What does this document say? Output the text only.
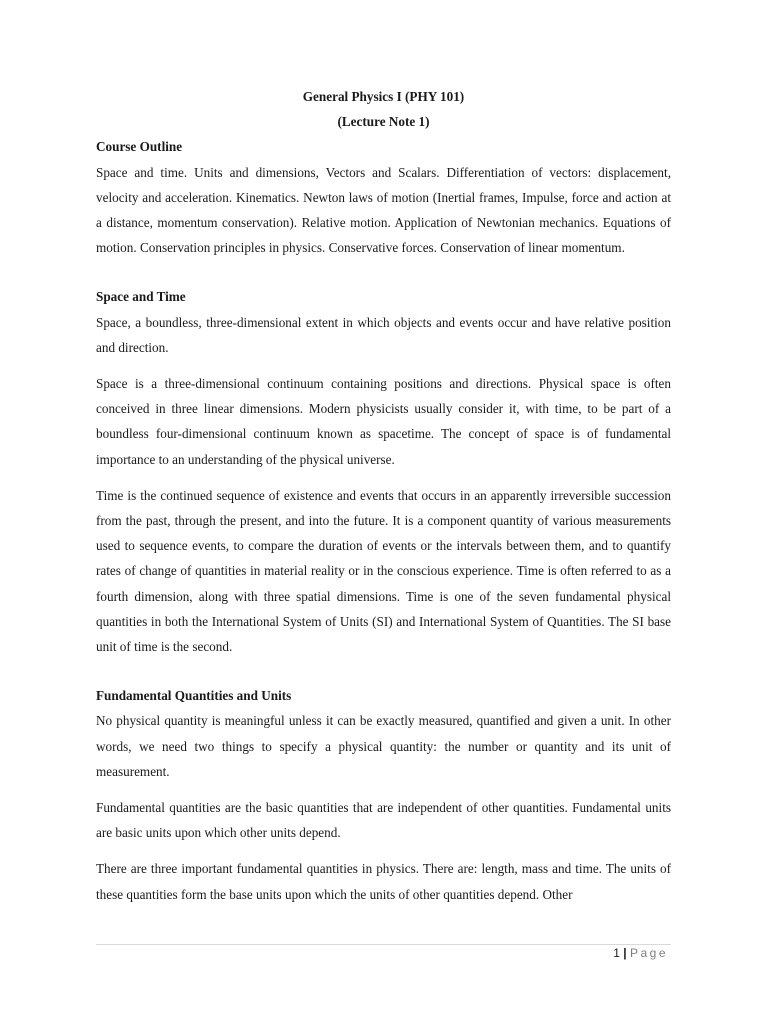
General Physics I (PHY 101)
(Lecture Note 1)
Course Outline

Space and time. Units and dimensions, Vectors and Scalars. Differentiation of vectors: displacement, velocity and acceleration. Kinematics. Newton laws of motion (Inertial frames, Impulse, force and action at a distance, momentum conservation). Relative motion. Application of Newtonian mechanics. Equations of motion. Conservation principles in physics. Conservative forces. Conservation of linear momentum.

Space and Time

Space, a boundless, three-dimensional extent in which objects and events occur and have relative position and direction.

Space is a three-dimensional continuum containing positions and directions. Physical space is often conceived in three linear dimensions. Modern physicists usually consider it, with time, to be part of a boundless four-dimensional continuum known as spacetime. The concept of space is of fundamental importance to an understanding of the physical universe.

Time is the continued sequence of existence and events that occurs in an apparently irreversible succession from the past, through the present, and into the future. It is a component quantity of various measurements used to sequence events, to compare the duration of events or the intervals between them, and to quantify rates of change of quantities in material reality or in the conscious experience. Time is often referred to as a fourth dimension, along with three spatial dimensions. Time is one of the seven fundamental physical quantities in both the International System of Units (SI) and International System of Quantities. The SI base unit of time is the second.

Fundamental Quantities and Units

No physical quantity is meaningful unless it can be exactly measured, quantified and given a unit. In other words, we need two things to specify a physical quantity: the number or quantity and its unit of measurement.

Fundamental quantities are the basic quantities that are independent of other quantities. Fundamental units are basic units upon which other units depend.

There are three important fundamental quantities in physics. There are: length, mass and time. The units of these quantities form the base units upon which the units of other quantities depend. Other

1 | Page
